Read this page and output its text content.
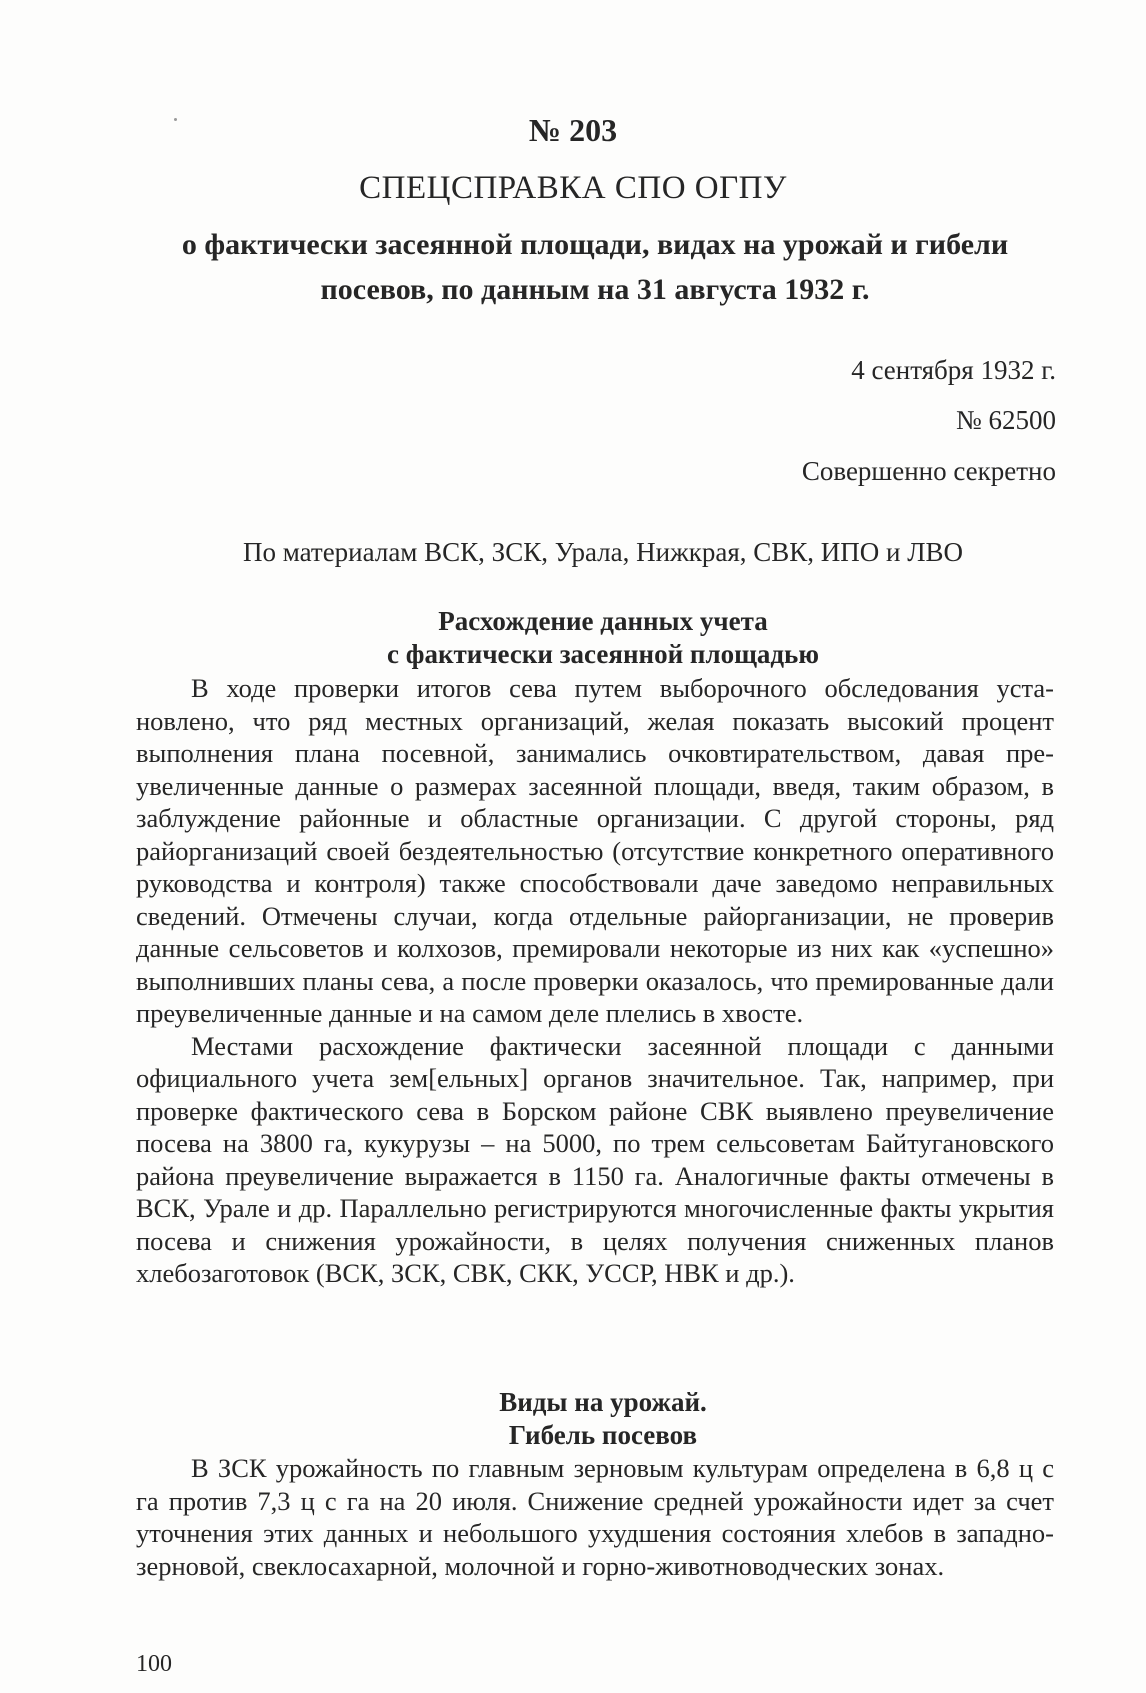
№ 203
СПЕЦСПРАВКА СПО ОГПУ
о фактически засеянной площади, видах на урожай и гибели посевов, по данным на 31 августа 1932 г.
4 сентября 1932 г.
№ 62500
Совершенно секретно
По материалам ВСК, ЗСК, Урала, Нижкрая, СВК, ИПО и ЛВО
Расхождение данных учета
с фактически засеянной площадью

В ходе проверки итогов сева путем выборочного обследования установлено, что ряд местных организаций, желая показать высокий процент выполнения плана посевной, занимались очковтирательством, давая преувеличенные данные о размерах засеянной площади, введя, таким образом, в заблуждение районные и областные организации. С другой стороны, ряд райорганизаций своей бездеятельностью (отсутствие конкретного оперативного руководства и контроля) также способствовали даче заведомо неправильных сведений. Отмечены случаи, когда отдельные райорганизации, не проверив данные сельсоветов и колхозов, премировали некоторые из них как «успешно» выполнивших планы сева, а после проверки оказалось, что премированные дали преувеличенные данные и на самом деле плелись в хвосте.

Местами расхождение фактически засеянной площади с данными официального учета зем[ельных] органов значительное. Так, например, при проверке фактического сева в Борском районе СВК выявлено преувеличение посева на 3800 га, кукурузы – на 5000, по трем сельсоветам Байтугановского района преувеличение выражается в 1150 га. Аналогичные факты отмечены в ВСК, Урале и др. Параллельно регистрируются многочисленные факты укрытия посева и снижения урожайности, в целях получения сниженных планов хлебозаготовок (ВСК, ЗСК, СВК, СКК, УССР, НВК и др.).

Виды на урожай.
Гибель посевов

В ЗСК урожайность по главным зерновым культурам определена в 6,8 ц с га против 7,3 ц с га на 20 июля. Снижение средней урожайности идет за счет уточнения этих данных и небольшого ухудшения состояния хлебов в западно-зерновой, свеклосахарной, молочной и горно-животноводческих зонах.

100
